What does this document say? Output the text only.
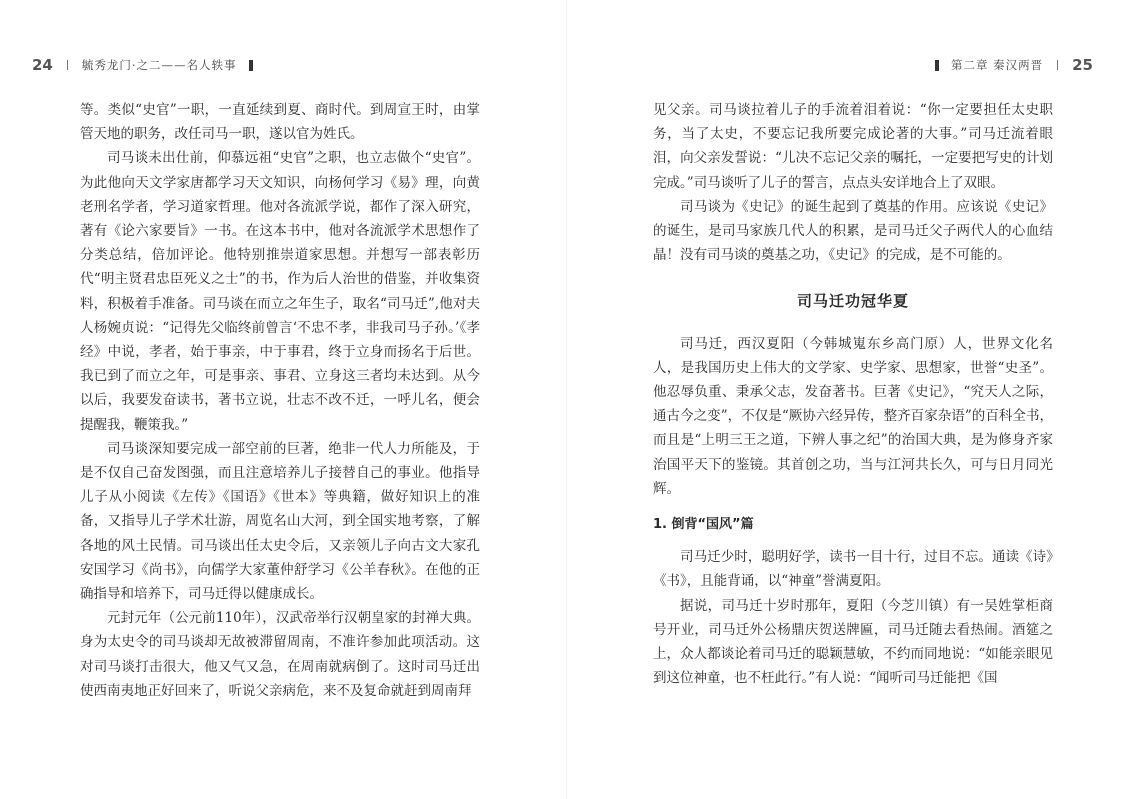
24	毓秀龙门·之二——名人轶事

等。类似“史官”一职，一直延续到夏、商时代。到周宣王时，由掌管天地的职务，改任司马一职，遂以官为姓氏。

司马谈未出仕前，仰慕远祖“史官”之职，也立志做个“史官”。为此他向天文学家唐都学习天文知识，向杨何学习《易》理，向黄老刑名学者，学习道家哲理。他对各流派学说，都作了深入研究，著有《论六家要旨》一书。在这本书中，他对各流派学术思想作了分类总结，倍加评论。他特别推崇道家思想。并想写一部表彰历代“明主贤君忠臣死义之士”的书，作为后人治世的借鉴，并收集资料，积极着手准备。司马谈在而立之年生子，取名“司马迁”,他对夫人杨婉贞说：“记得先父临终前曾言‘不忠不孝，非我司马子孙。’《孝经》中说，孝者，始于事亲，中于事君，终于立身而扬名于后世。我已到了而立之年，可是事亲、事君、立身这三者均未达到。从今以后，我要发奋读书，著书立说，壮志不改不迁，一呼儿名，便会提醒我，鞭策我。”

司马谈深知要完成一部空前的巨著，绝非一代人力所能及，于是不仅自己奋发图强，而且注意培养儿子接替自己的事业。他指导儿子从小阅读《左传》《国语》《世本》等典籍，做好知识上的准备，又指导儿子学术壮游，周览名山大河，到全国实地考察，了解各地的风土民情。司马谈出任太史令后，又亲领儿子向古文大家孔安国学习《尚书》，向儒学大家董仲舒学习《公羊春秋》。在他的正确指导和培养下，司马迁得以健康成长。

元封元年（公元前110年），汉武帝举行汉朝皇家的封禅大典。身为太史令的司马谈却无故被滞留周南，不准许参加此项活动。这对司马谈打击很大，他又气又急，在周南就病倒了。这时司马迁出使西南夷地正好回来了，听说父亲病危，来不及复命就赶到周南拜

第二章 秦汉两晋 25

见父亲。司马谈拉着儿子的手流着泪着说：“你一定要担任太史职务，当了太史，不要忘记我所要完成论著的大事。”司马迁流着眼泪，向父亲发誓说：“儿决不忘记父亲的嘱托，一定要把写史的计划完成。”司马谈听了儿子的誓言，点点头安详地合上了双眼。

司马谈为《史记》的诞生起到了奠基的作用。应该说《史记》的诞生，是司马家族几代人的积累，是司马迁父子两代人的心血结晶！没有司马谈的奠基之功，《史记》的完成，是不可能的。

司马迁功冠华夏

司马迁，西汉夏阳（今韩城嵬东乡高门原）人，世界文化名人，是我国历史上伟大的文学家、史学家、思想家，世誉“史圣”。他忍辱负重、秉承父志，发奋著书。巨著《史记》，“究天人之际，通古今之变”，不仅是“厥协六经异传，整齐百家杂语”的百科全书，而且是“上明三王之道，下辨人事之纪”的治国大典，是为修身齐家治国平天下的鉴镜。其首创之功，当与江河共长久，可与日月同光辉。

1. 倒背“国风”篇

司马迁少时，聪明好学，读书一目十行，过目不忘。通读《诗》《书》，且能背诵，以“神童”誉满夏阳。

据说，司马迁十岁时那年，夏阳（今芝川镇）有一吴姓掌柜商号开业，司马迁外公杨鼎庆贺送牌匾，司马迁随去看热闹。酒筵之上，众人都谈论着司马迁的聪颖慧敏，不约而同地说：“如能亲眼见到这位神童，也不枉此行。”有人说：“闻听司马迁能把《国
